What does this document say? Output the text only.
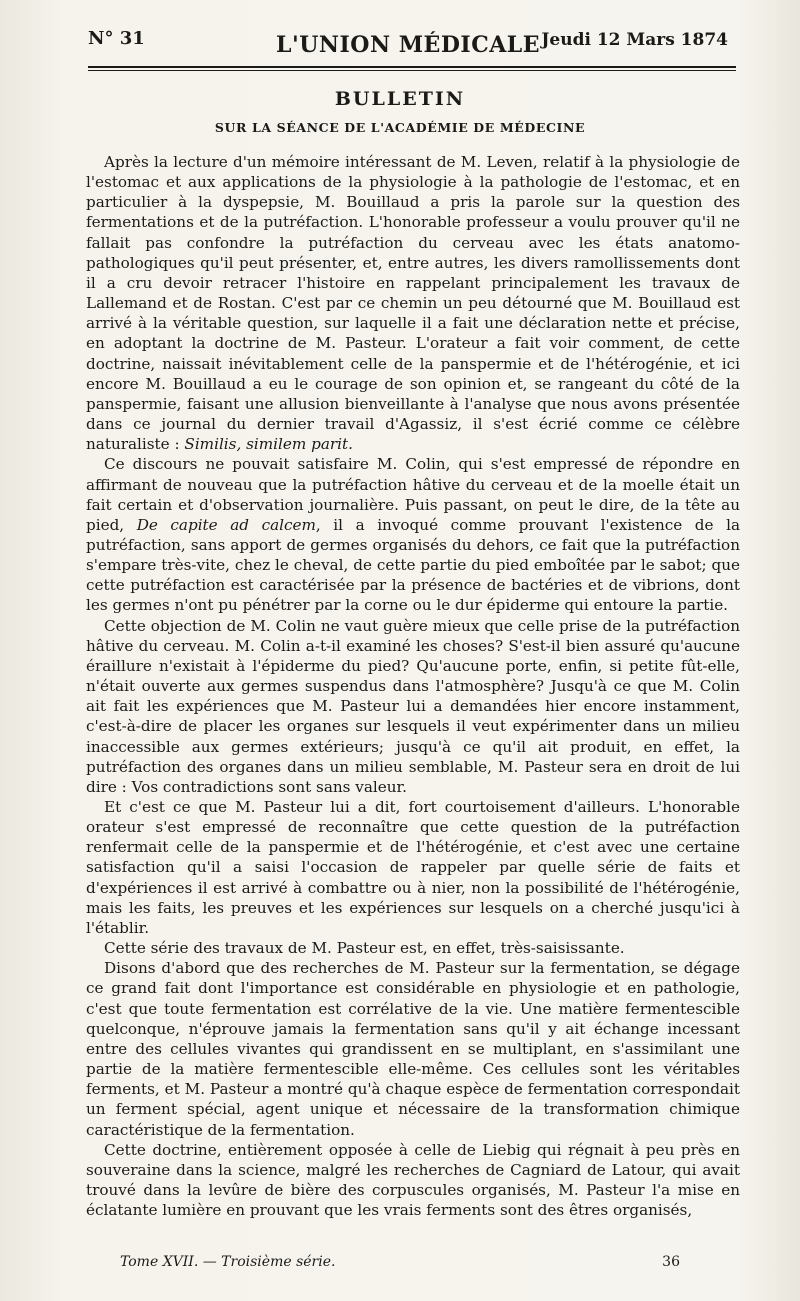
N° 31	L'UNION MÉDICALE Jeudi 12 Mars 1874
BULLETIN
SUR LA SÉANCE DE L'ACADÉMIE DE MÉDECINE

Après la lecture d'un mémoire intéressant de M. Leven, relatif à la physiologie de l'estomac et aux applications de la physiologie à la pathologie de l'estomac, et en particulier à la dyspepsie, M. Bouillaud a pris la parole sur la question des fermentations et de la putréfaction. L'honorable professeur a voulu prouver qu'il ne fallait pas confondre la putréfaction du cerveau avec les états anatomo-pathologiques qu'il peut présenter, et, entre autres, les divers ramollissements dont il a cru devoir retracer l'histoire en rappelant principalement les travaux de Lallemand et de Rostan. C'est par ce chemin un peu détourné que M. Bouillaud est arrivé à la véritable question, sur laquelle il a fait une déclaration nette et précise, en adoptant la doctrine de M. Pasteur. L'orateur a fait voir comment, de cette doctrine, naissait inévitablement celle de la panspermie et de l'hétérogénie, et ici encore M. Bouillaud a eu le courage de son opinion et, se rangeant du côté de la panspermie, faisant une allusion bienveillante à l'analyse que nous avons présentée dans ce journal du dernier travail d'Agassiz, il s'est écrié comme ce célèbre naturaliste : Similis, similem parit.

Ce discours ne pouvait satisfaire M. Colin, qui s'est empressé de répondre en affirmant de nouveau que la putréfaction hâtive du cerveau et de la moelle était un fait certain et d'observation journalière. Puis passant, on peut le dire, de la tête au pied, De capite ad calcem, il a invoqué comme prouvant l'existence de la putréfaction, sans apport de germes organisés du dehors, ce fait que la putréfaction s'empare très-vite, chez le cheval, de cette partie du pied emboîtée par le sabot; que cette putréfaction est caractérisée par la présence de bactéries et de vibrions, dont les germes n'ont pu pénétrer par la corne ou le dur épiderme qui entoure la partie.

Cette objection de M. Colin ne vaut guère mieux que celle prise de la putréfaction hâtive du cerveau. M. Colin a-t-il examiné les choses? S'est-il bien assuré qu'aucune éraillure n'existait à l'épiderme du pied? Qu'aucune porte, enfin, si petite fût-elle, n'était ouverte aux germes suspendus dans l'atmosphère? Jusqu'à ce que M. Colin ait fait les expériences que M. Pasteur lui a demandées hier encore instamment, c'est-à-dire de placer les organes sur lesquels il veut expérimenter dans un milieu inaccessible aux germes extérieurs; jusqu'à ce qu'il ait produit, en effet, la putréfaction des organes dans un milieu semblable, M. Pasteur sera en droit de lui dire : Vos contradictions sont sans valeur.

Et c'est ce que M. Pasteur lui a dit, fort courtoisement d'ailleurs. L'honorable orateur s'est empressé de reconnaître que cette question de la putréfaction renfermait celle de la panspermie et de l'hétérogénie, et c'est avec une certaine satisfaction qu'il a saisi l'occasion de rappeler par quelle série de faits et d'expériences il est arrivé à combattre ou à nier, non la possibilité de l'hétérogénie, mais les faits, les preuves et les expériences sur lesquels on a cherché jusqu'ici à l'établir.

Cette série des travaux de M. Pasteur est, en effet, très-saisissante.

Disons d'abord que des recherches de M. Pasteur sur la fermentation, se dégage ce grand fait dont l'importance est considérable en physiologie et en pathologie, c'est que toute fermentation est corrélative de la vie. Une matière fermentescible quelconque, n'éprouve jamais la fermentation sans qu'il y ait échange incessant entre des cellules vivantes qui grandissent en se multiplant, en s'assimilant une partie de la matière fermentescible elle-même. Ces cellules sont les véritables ferments, et M. Pasteur a montré qu'à chaque espèce de fermentation correspondait un ferment spécial, agent unique et nécessaire de la transformation chimique caractéristique de la fermentation.

Cette doctrine, entièrement opposée à celle de Liebig qui régnait à peu près en souveraine dans la science, malgré les recherches de Cagniard de Latour, qui avait trouvé dans la levûre de bière des corpuscules organisés, M. Pasteur l'a mise en éclatante lumière en prouvant que les vrais ferments sont des êtres organisés,

Tome XVII. — Troisième série.	36
